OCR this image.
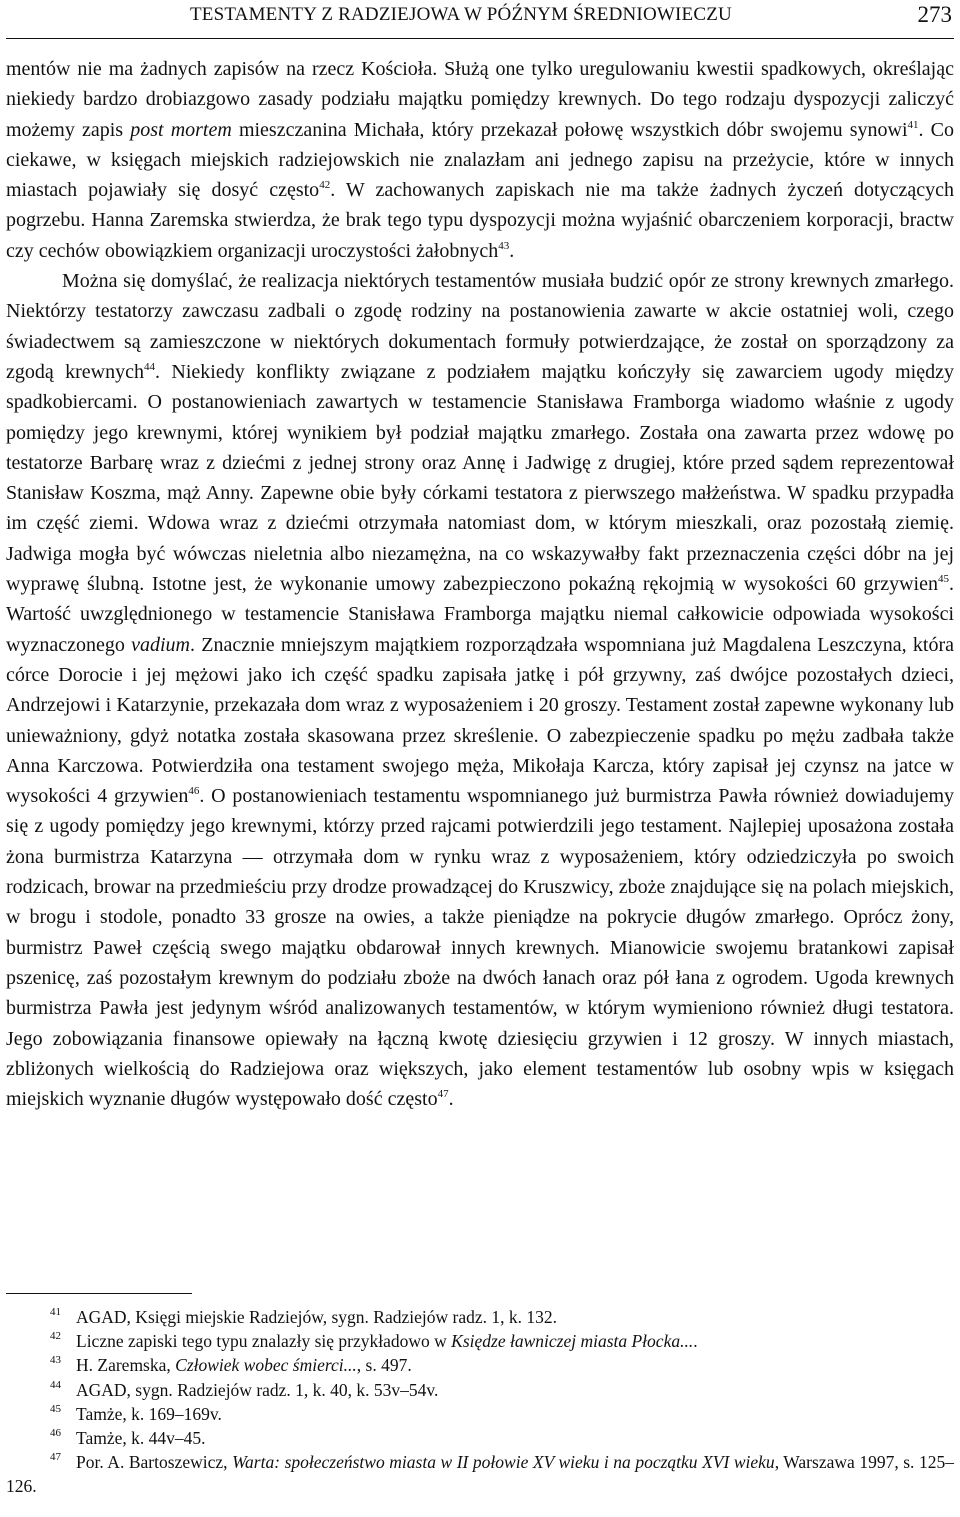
TESTAMENTY Z RADZIEJOWA W PÓŹNYM ŚREDNIOWIECZU	273

mentów nie ma żadnych zapisów na rzecz Kościoła. Służą one tylko uregulowaniu kwestii spadkowych, określając niekiedy bardzo drobiazgowo zasady podziału majątku pomiędzy krewnych. Do tego rodzaju dyspozycji zaliczyć możemy zapis post mortem mieszczanina Michała, który przekazał połowę wszystkich dóbr swojemu synowi$^{41}$. Co ciekawe, w księgach miejskich radziejowskich nie znalazłam ani jednego zapisu na przeżycie, które w innych miastach pojawiały się dosyć często$^{42}$. W zachowanych zapiskach nie ma także żadnych życzeń dotyczących pogrzebu. Hanna Zaremska stwierdza, że brak tego typu dyspozycji można wyjaśnić obarczeniem korporacji, bractw czy cechów obowiązkiem organizacji uroczystości żałobnych$^{43}$.

Można się domyślać, że realizacja niektórych testamentów musiała budzić opór ze strony krewnych zmarłego. Niektórzy testatorzy zawczasu zadbali o zgodę rodziny na postanowienia zawarte w akcie ostatniej woli, czego świadectwem są zamieszczone w niektórych dokumentach formuły potwierdzające, że został on sporządzony za zgodą krewnych$^{44}$. Niekiedy konflikty związane z podziałem majątku kończyły się zawarciem ugody między spadkobiercami. O postanowieniach zawartych w testamencie Stanisława Framborga wiadomo właśnie z ugody pomiędzy jego krewnymi, której wynikiem był podział majątku zmarłego. Została ona zawarta przez wdowę po testatorze Barbarę wraz z dziećmi z jednej strony oraz Annę i Jadwigę z drugiej, które przed sądem reprezentował Stanisław Koszma, mąż Anny. Zapewne obie były córkami testatora z pierwszego małżeństwa. W spadku przypadła im część ziemi. Wdowa wraz z dziećmi otrzymała natomiast dom, w którym mieszkali, oraz pozostałą ziemię. Jadwiga mogła być wówczas nieletnia albo niezamężna, na co wskazywałby fakt przeznaczenia części dóbr na jej wyprawę ślubną. Istotne jest, że wykonanie umowy zabezpieczono pokaźną rękojmią w wysokości 60 grzywien$^{45}$. Wartość uwzględnionego w testamencie Stanisława Framborga majątku niemal całkowicie odpowiada wysokości wyznaczonego vadium. Znacznie mniejszym majątkiem rozporządzała wspomniana już Magdalena Leszczyna, która córce Dorocie i jej mężowi jako ich część spadku zapisała jatkę i pół grzywny, zaś dwójce pozostałych dzieci, Andrzejowi i Katarzynie, przekazała dom wraz z wyposażeniem i 20 groszy. Testament został zapewne wykonany lub unieważniony, gdyż notatka została skasowana przez skreślenie. O zabezpieczenie spadku po mężu zadbała także Anna Karczowa. Potwierdziła ona testament swojego męża, Mikołaja Karcza, który zapisał jej czynsz na jatce w wysokości 4 grzywien$^{46}$. O postanowieniach testamentu wspomnianego już burmistrza Pawła również dowiadujemy się z ugody pomiędzy jego krewnymi, którzy przed rajcami potwierdzili jego testament. Najlepiej uposażona została żona burmistrza Katarzyna — otrzymała dom w rynku wraz z wyposażeniem, który odziedziczyła po swoich rodzicach, browar na przedmieściu przy drodze prowadzącej do Kruszwicy, zboże znajdujące się na polach miejskich, w brogu i stodole, ponadto 33 grosze na owies, a także pieniądze na pokrycie długów zmarłego. Oprócz żony, burmistrz Paweł częścią swego majątku obdarował innych krewnych. Mianowicie swojemu bratankowi zapisał pszenicę, zaś pozostałym krewnym do podziału zboże na dwóch łanach oraz pół łana z ogrodem. Ugoda krewnych burmistrza Pawła jest jedynym wśród analizowanych testamentów, w którym wymieniono również długi testatora. Jego zobowiązania finansowe opiewały na łączną kwotę dziesięciu grzywien i 12 groszy. W innych miastach, zbliżonych wielkością do Radziejowa oraz większych, jako element testamentów lub osobny wpis w księgach miejskich wyznanie długów występowało dość często$^{47}$.

41 AGAD, Księgi miejskie Radziejów, sygn. Radziejów radz. 1, k. 132.
42 Liczne zapiski tego typu znalazły się przykładowo w Księdze ławniczej miasta Płocka....
43 H. Zaremska, Człowiek wobec śmierci..., s. 497.
44 AGAD, sygn. Radziejów radz. 1, k. 40, k. 53v–54v.
45 Tamże, k. 169–169v.
46 Tamże, k. 44v–45.
47 Por. A. Bartoszewicz, Warta: społeczeństwo miasta w II połowie XV wieku i na początku XVI wieku, Warszawa 1997, s. 125–126.
